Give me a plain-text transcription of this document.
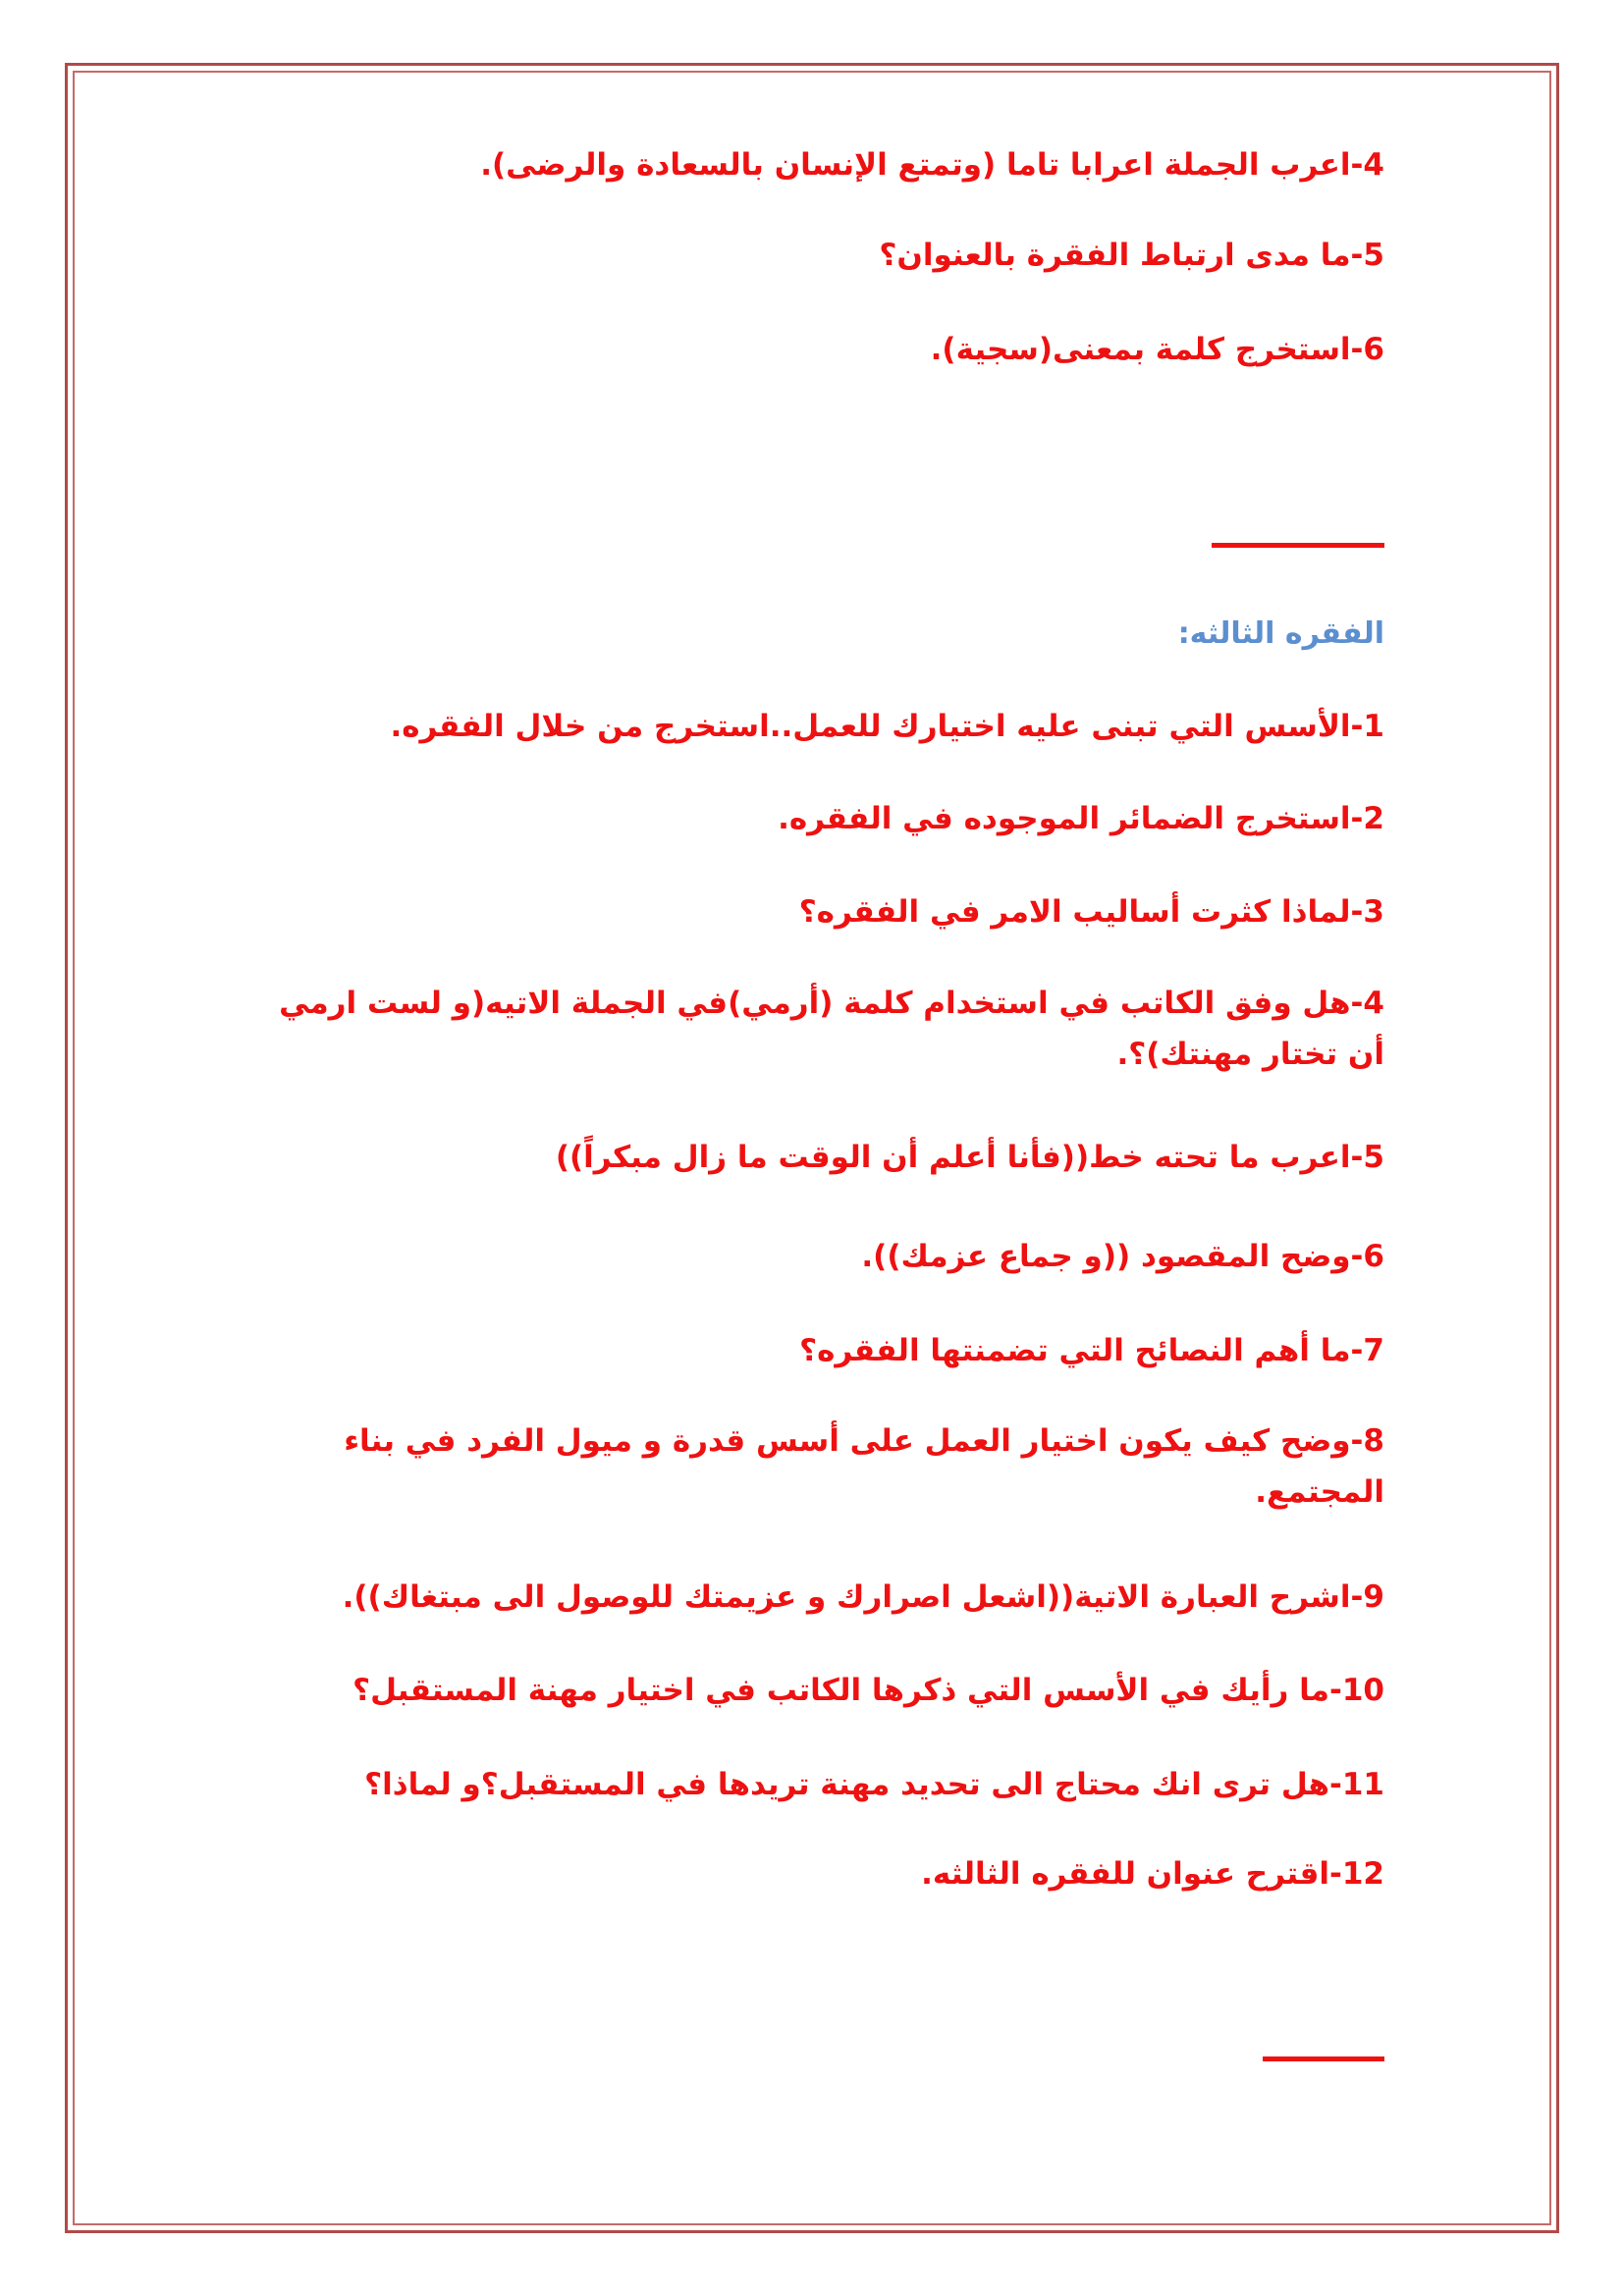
4-اعرب الجملة اعرابا تاما (وتمتع الإنسان بالسعادة والرضى).

5-ما مدى ارتباط الفقرة بالعنوان؟

6-استخرج كلمة بمعنى(سجية).

الفقره الثالثه:

1-الأسس التي تبنى عليه اختيارك للعمل..استخرج من خلال الفقره.

2-استخرج الضمائر الموجوده في الفقره.

3-لماذا كثرت أساليب الامر في الفقره؟

4-هل وفق الكاتب في استخدام كلمة (أرمي)في الجملة الاتيه(و لست ارمي أن تختار مهنتك)؟.

5-اعرب ما تحته خط((فأنا أعلم أن الوقت ما زال مبكراً))

6-وضح المقصود ((و جماع عزمك)).

7-ما أهم النصائح التي تضمنتها الفقره؟

8-وضح كيف يكون اختيار العمل على أسس قدرة و ميول الفرد في بناء المجتمع.

9-اشرح العبارة الاتية((اشعل اصرارك و عزيمتك للوصول الى مبتغاك)).

10-ما رأيك في الأسس التي ذكرها الكاتب في اختيار مهنة المستقبل؟

11-هل ترى انك محتاج الى تحديد مهنة تريدها في المستقبل؟و لماذا؟

12-اقترح عنوان للفقره الثالثه.
